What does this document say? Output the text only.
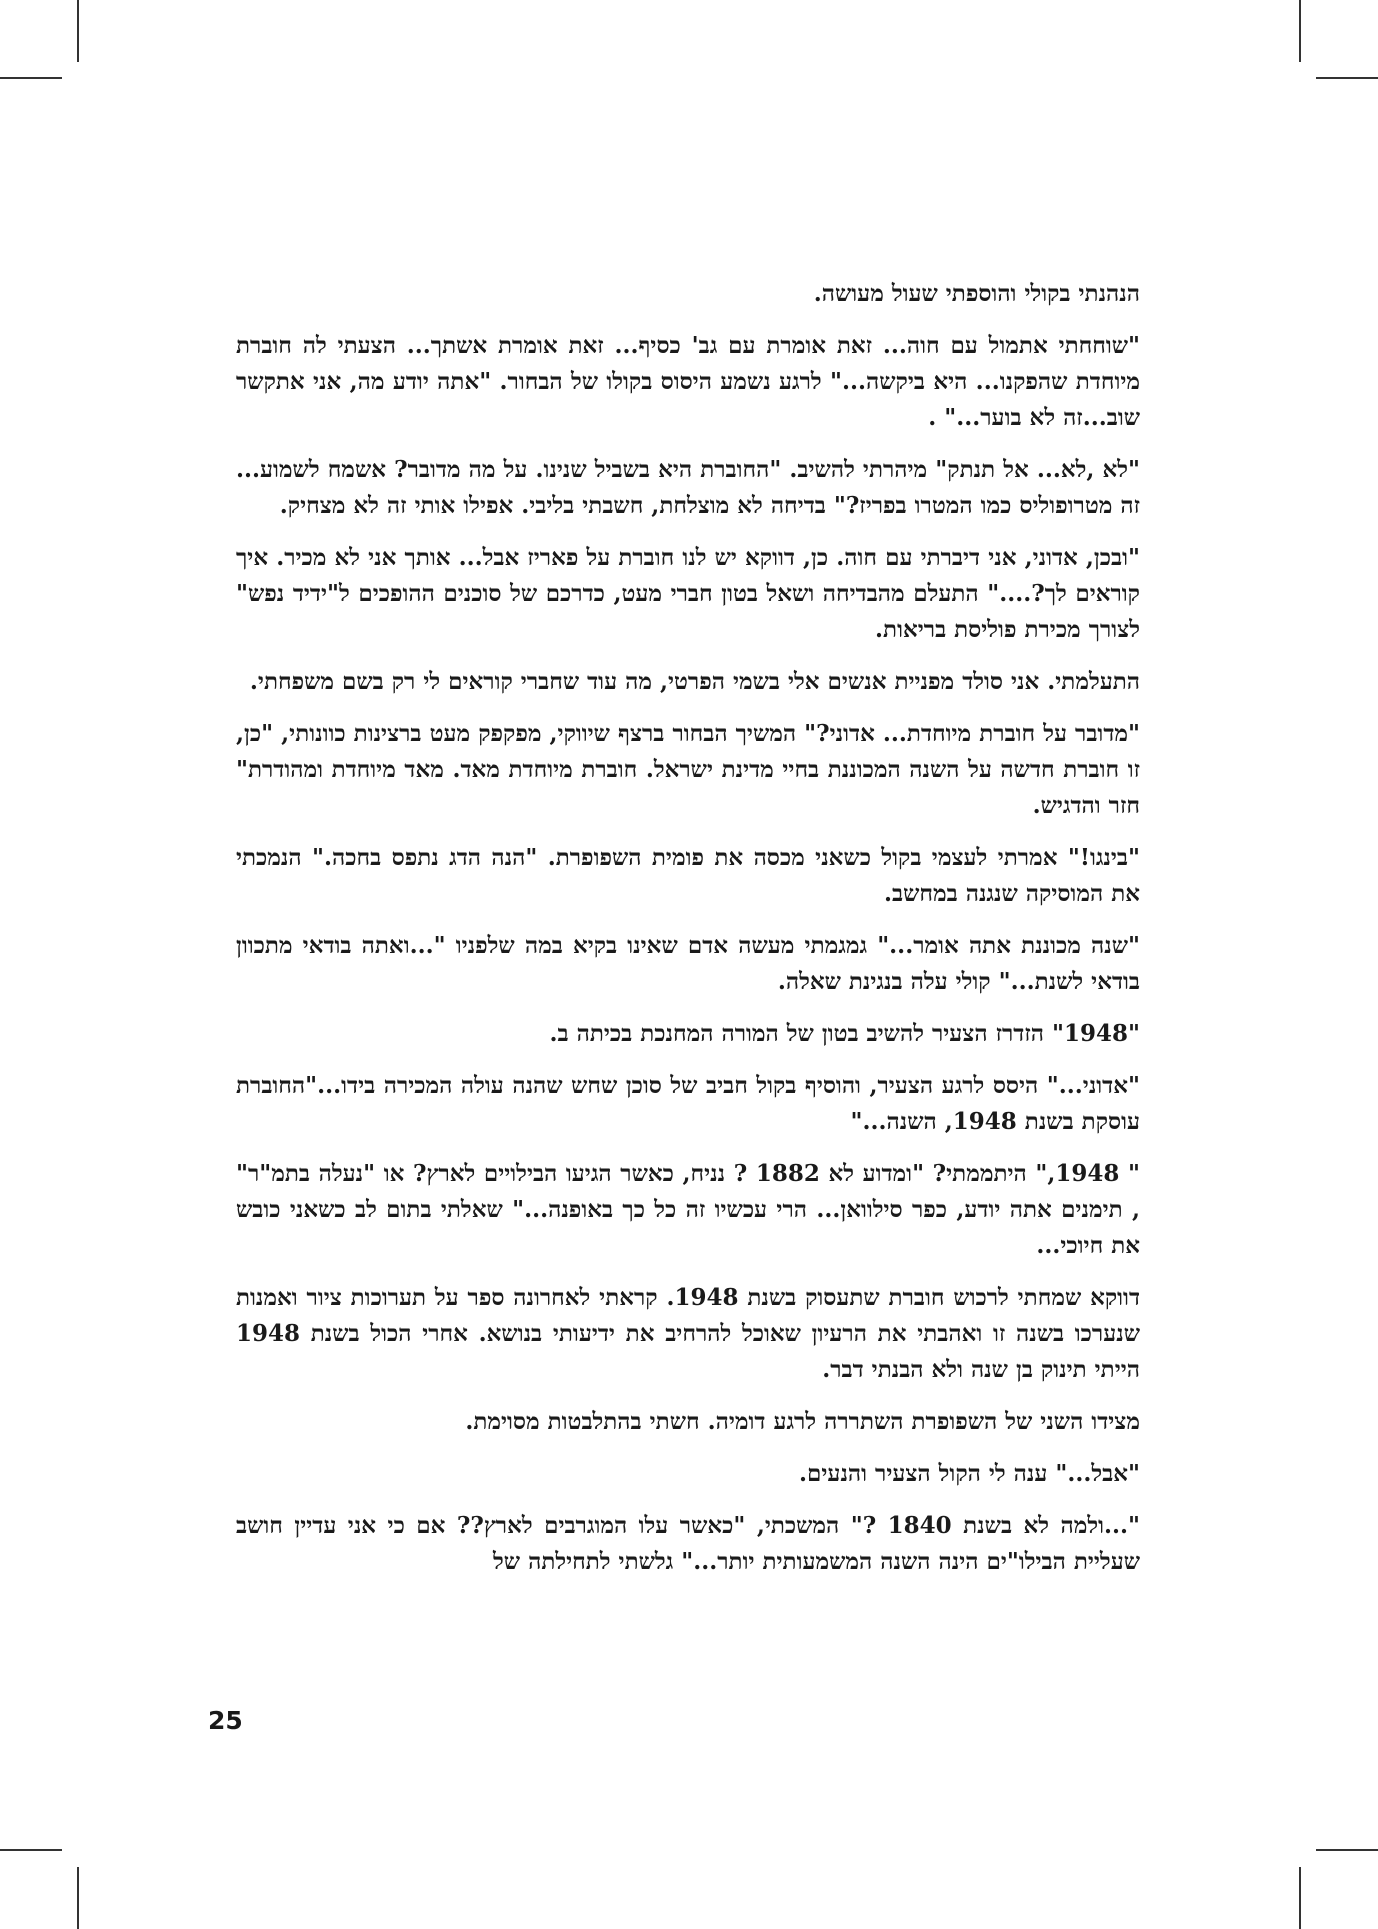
הנהנתי בקולי והוספתי שעול מעושה.

"שוחחתי אתמול עם חוה... זאת אומרת עם גב' כסיף... זאת אומרת אשתך... הצעתי לה חוברת מיוחדת שהפקנו... היא ביקשה..." לרגע נשמע היסוס בקולו של הבחור. "אתה יודע מה, אני אתקשר שוב...זה לא בוער..." .

"לא ,לא... אל תנתק" מיהרתי להשיב. "החוברת היא בשביל שנינו. על מה מדובר? אשמח לשמוע... זה מטרופוליס כמו המטרו בפריז?" בדיחה לא מוצלחת, חשבתי בליבי. אפילו אותי זה לא מצחיק.

"ובכן, אדוני, אני דיברתי עם חוה. כן, דווקא יש לנו חוברת על פאריז אבל... אותך אני לא מכיר. איך קוראים לך?...." התעלם מהבדיחה ושאל בטון חברי מעט, כדרכם של סוכנים ההופכים ל"ידיד נפש" לצורך מכירת פוליסת בריאות.

התעלמתי. אני סולד מפניית אנשים אלי בשמי הפרטי, מה עוד שחברי קוראים לי רק בשם משפחתי.

"מדובר על חוברת מיוחדת... אדוני?" המשיך הבחור ברצף שיווקי, מפקפק מעט ברצינות כוונותי, "כן, זו חוברת חדשה על השנה המכוננת בחיי מדינת ישראל. חוברת מיוחדת מאד. מאד מיוחדת ומהודרת" חזר והדגיש.

"בינגו!" אמרתי לעצמי בקול כשאני מכסה את פומית השפופרת. "הנה הדג נתפס בחכה." הנמכתי את המוסיקה שנגנה במחשב.

"שנה מכוננת אתה אומר..." גמגמתי מעשה אדם שאינו בקיא במה שלפניו "...ואתה בודאי מתכוון בודאי לשנת..." קולי עלה בנגינת שאלה.

"1948" הזדרז הצעיר להשיב בטון של המורה המחנכת בכיתה ב.

"אדוני..." היסס לרגע הצעיר, והוסיף בקול חביב של סוכן שחש שהנה עולה המכירה בידו..."החוברת עוסקת בשנת 1948, השנה..."

" 1948," היתממתי? "ומדוע לא 1882 ? נניח, כאשר הגיעו הבילויים לארץ? או "נעלה בתמ"ר" , תימנים אתה יודע, כפר סילוואן... הרי עכשיו זה כל כך באופנה..." שאלתי בתום לב כשאני כובש את חיוכי...

דווקא שמחתי לרכוש חוברת שתעסוק בשנת 1948. קראתי לאחרונה ספר על תערוכות ציור ואמנות שנערכו בשנה זו ואהבתי את הרעיון שאוכל להרחיב את ידיעותי בנושא. אחרי הכול בשנת 1948 הייתי תינוק בן שנה ולא הבנתי דבר.

מצידו השני של השפופרת השתררה לרגע דומיה. חשתי בהתלבטות מסוימת.

"אבל..." ענה לי הקול הצעיר והנעים.

"...ולמה לא בשנת 1840 ?" המשכתי, "כאשר עלו המוגרבים לארץ?? אם כי אני עדיין חושב שעליית הבילו"ים הינה השנה המשמעותית יותר..." גלשתי לתחילתה של

25
